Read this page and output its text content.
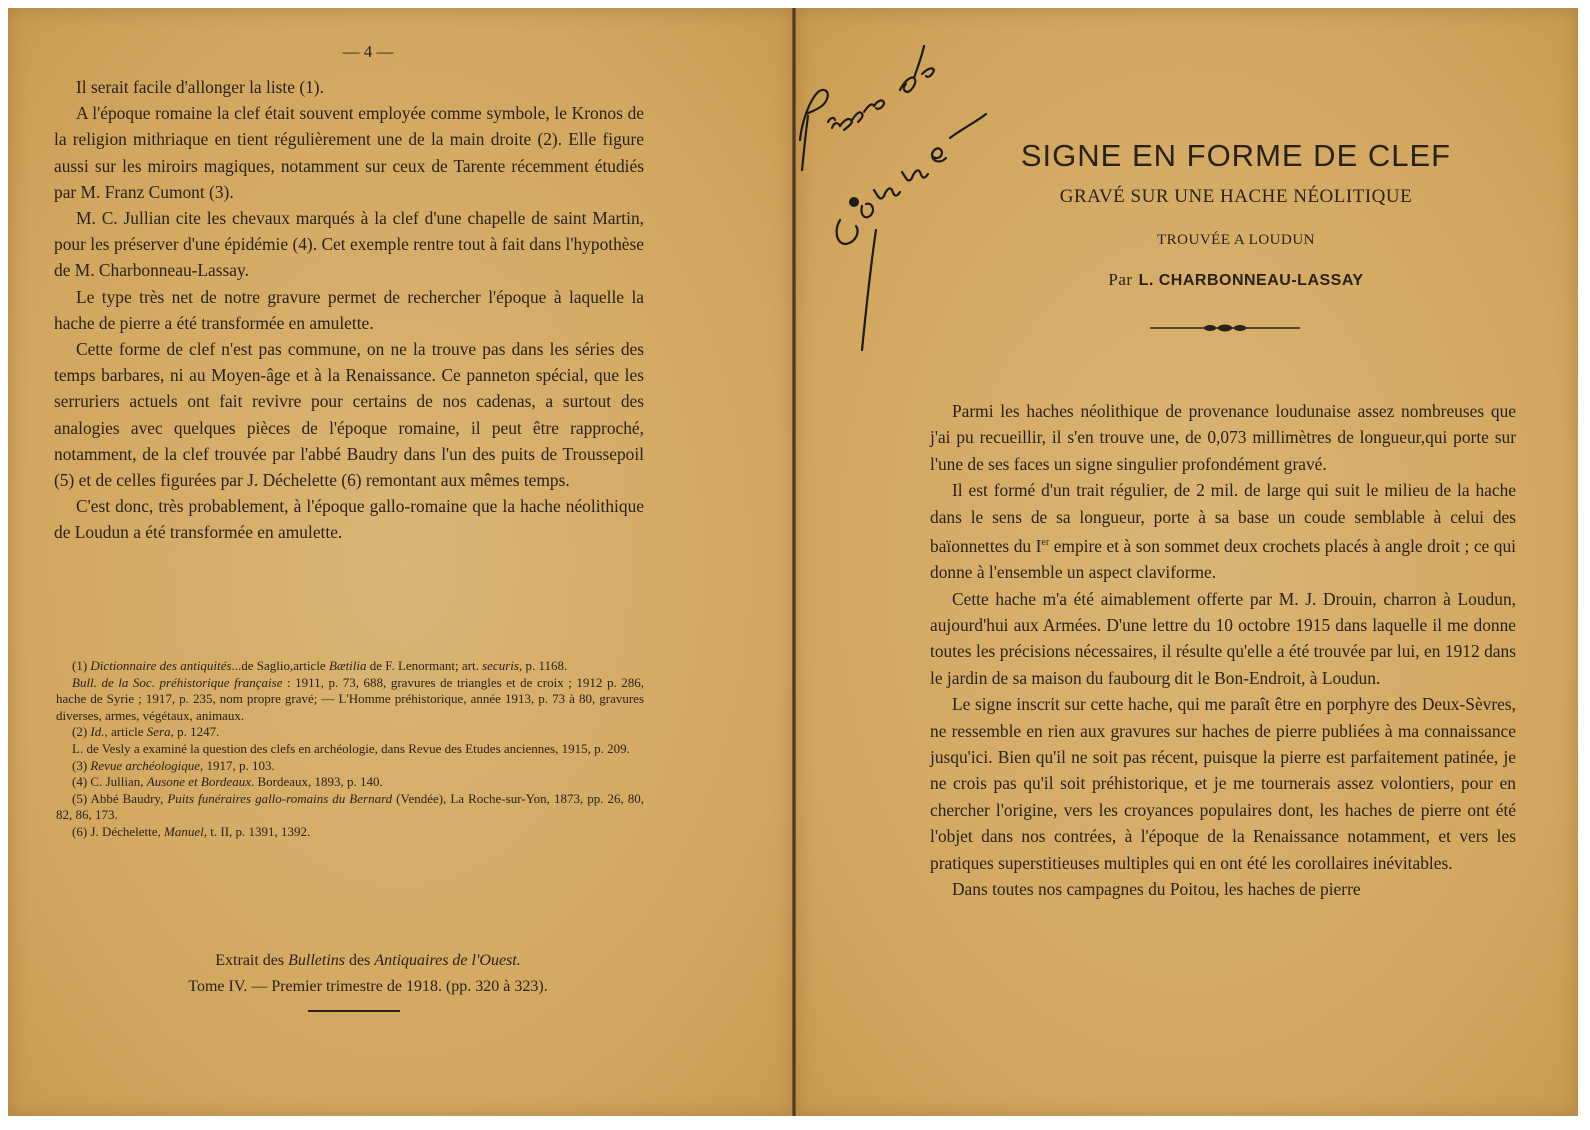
— 4 —

Il serait facile d'allonger la liste (1).

A l'époque romaine la clef était souvent employée comme symbole, le Kronos de la religion mithriaque en tient régulièrement une de la main droite (2). Elle figure aussi sur les miroirs magiques, notamment sur ceux de Tarente récemment étudiés par M. Franz Cumont (3).

M. C. Jullian cite les chevaux marqués à la clef d'une chapelle de saint Martin, pour les préserver d'une épidémie (4). Cet exemple rentre tout à fait dans l'hypothèse de M. Charbonneau-Lassay.

Le type très net de notre gravure permet de rechercher l'époque à laquelle la hache de pierre a été transformée en amulette.

Cette forme de clef n'est pas commune, on ne la trouve pas dans les séries des temps barbares, ni au Moyen-âge et à la Renaissance. Ce panneton spécial, que les serruriers actuels ont fait revivre pour certains de nos cadenas, a surtout des analogies avec quelques pièces de l'époque romaine, il peut être rapproché, notamment, de la clef trouvée par l'abbé Baudry dans l'un des puits de Troussepoil (5) et de celles figurées par J. Déchelette (6) remontant aux mêmes temps.

C'est donc, très probablement, à l'époque gallo-romaine que la hache néolithique de Loudun a été transformée en amulette.

(1) Dictionnaire des antiquités...de Saglio,article Bætilia de F. Lenormant; art. securis, p. 1168.

Bull. de la Soc. préhistorique française : 1911, p. 73, 688, gravures de triangles et de croix ; 1912 p. 286, hache de Syrie ; 1917, p. 235, nom propre gravé; — L'Homme préhistorique, année 1913, p. 73 à 80, gravures diverses, armes, végétaux, animaux.

(2) Id., article Sera, p. 1247.

L. de Vesly a examiné la question des clefs en archéologie, dans Revue des Etudes anciennes, 1915, p. 209.

(3) Revue archéologique, 1917, p. 103.

(4) C. Jullian, Ausone et Bordeaux. Bordeaux, 1893, p. 140.

(5) Abbé Baudry, Puits funéraires gallo-romains du Bernard (Vendée), La Roche-sur-Yon, 1873, pp. 26, 80, 82, 86, 173.

(6) J. Déchelette, Manuel, t. II, p. 1391, 1392.

Extrait des Bulletins des Antiquaires de l'Ouest.
Tome IV. — Premier trimestre de 1918. (pp. 320 à 323).
SIGNE EN FORME DE CLEF
GRAVÉ SUR UNE HACHE NÉOLITIQUE
TROUVÉE A LOUDUN
Par L. CHARBONNEAU-LASSAY

Parmi les haches néolithique de provenance loudunaise assez nombreuses que j'ai pu recueillir, il s'en trouve une, de 0,073 millimètres de longueur,qui porte sur l'une de ses faces un signe singulier profondément gravé.

Il est formé d'un trait régulier, de 2 mil. de large qui suit le milieu de la hache dans le sens de sa longueur, porte à sa base un coude semblable à celui des baïonnettes du Ier empire et à son sommet deux crochets placés à angle droit ; ce qui donne à l'ensemble un aspect claviforme.

Cette hache m'a été aimablement offerte par M. J. Drouin, charron à Loudun, aujourd'hui aux Armées. D'une lettre du 10 octobre 1915 dans laquelle il me donne toutes les précisions nécessaires, il résulte qu'elle a été trouvée par lui, en 1912 dans le jardin de sa maison du faubourg dit le Bon-Endroit, à Loudun.

Le signe inscrit sur cette hache, qui me paraît être en porphyre des Deux-Sèvres, ne ressemble en rien aux gravures sur haches de pierre publiées à ma connaissance jusqu'ici. Bien qu'il ne soit pas récent, puisque la pierre est parfaitement patinée, je ne crois pas qu'il soit préhistorique, et je me tournerais assez volontiers, pour en chercher l'origine, vers les croyances populaires dont, les haches de pierre ont été l'objet dans nos contrées, à l'époque de la Renaissance notamment, et vers les pratiques superstitieuses multiples qui en ont été les corollaires inévitables.

Dans toutes nos campagnes du Poitou, les haches de pierre
